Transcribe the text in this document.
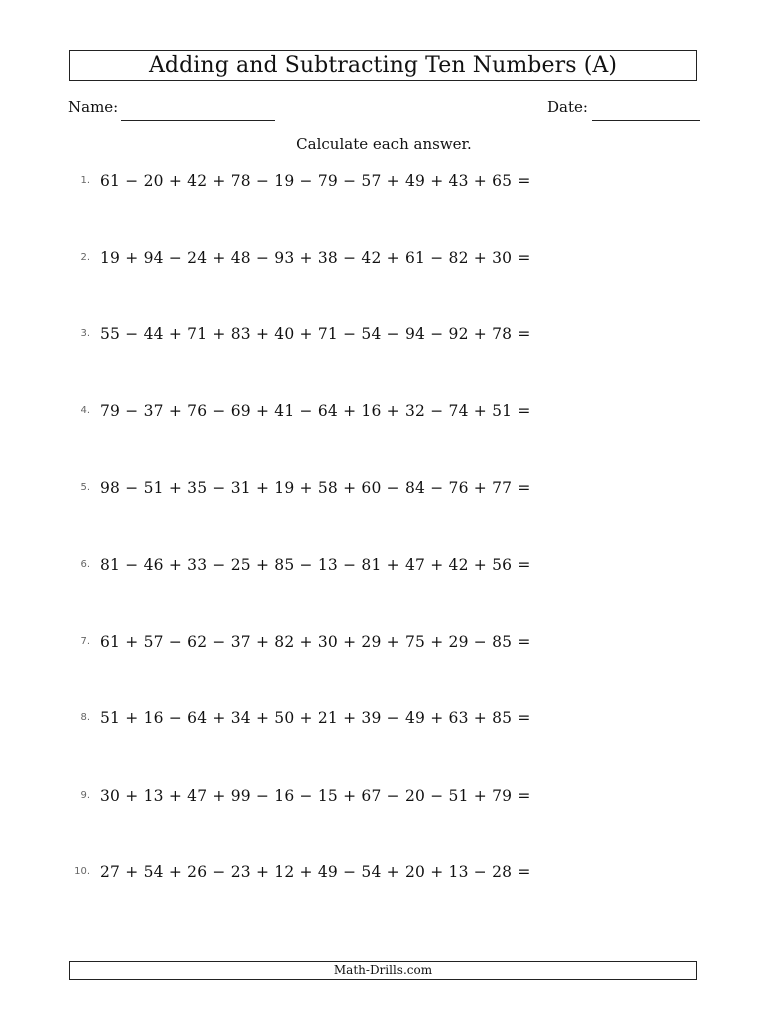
Adding and Subtracting Ten Numbers (A)
Name:	Date:
Calculate each answer.
1. 61 − 20 + 42 + 78 − 19 − 79 − 57 + 49 + 43 + 65 =
2. 19 + 94 − 24 + 48 − 93 + 38 − 42 + 61 − 82 + 30 =
3. 55 − 44 + 71 + 83 + 40 + 71 − 54 − 94 − 92 + 78 =
4. 79 − 37 + 76 − 69 + 41 − 64 + 16 + 32 − 74 + 51 =
5. 98 − 51 + 35 − 31 + 19 + 58 + 60 − 84 − 76 + 77 =
6. 81 − 46 + 33 − 25 + 85 − 13 − 81 + 47 + 42 + 56 =
7. 61 + 57 − 62 − 37 + 82 + 30 + 29 + 75 + 29 − 85 =
8. 51 + 16 − 64 + 34 + 50 + 21 + 39 − 49 + 63 + 85 =
9. 30 + 13 + 47 + 99 − 16 − 15 + 67 − 20 − 51 + 79 =
10. 27 + 54 + 26 − 23 + 12 + 49 − 54 + 20 + 13 − 28 =
Math-Drills.com
